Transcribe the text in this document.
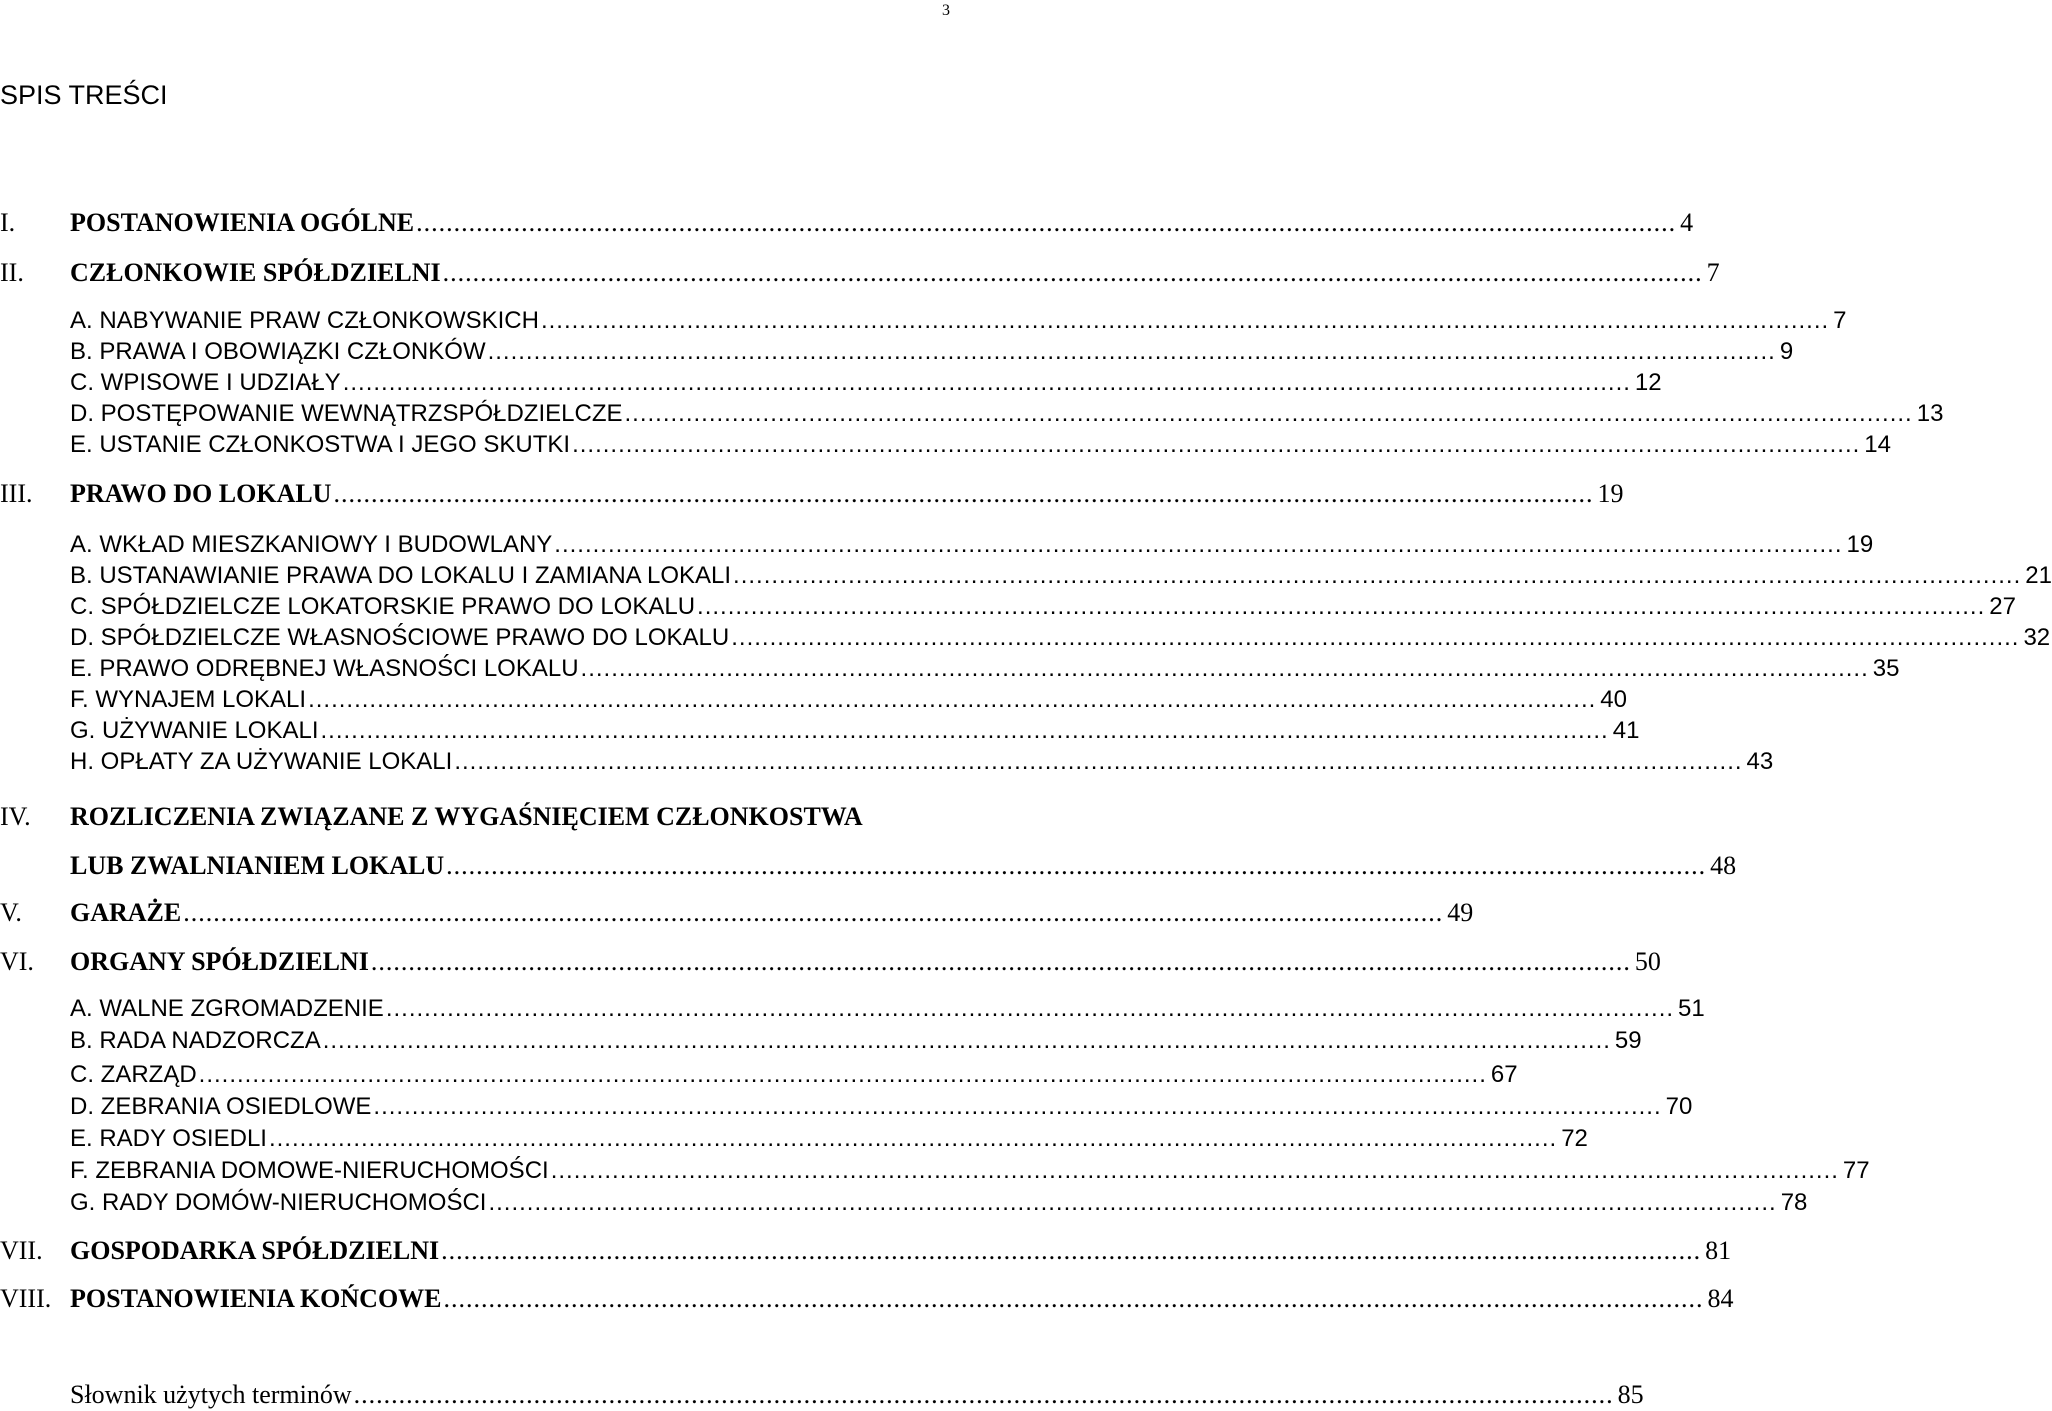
3
SPIS TREŚCI
I. POSTANOWIENIA OGÓLNE ........................................................................................................................................................................ 4
II. CZŁONKOWIE SPÓŁDZIELNI ........................................................................................................................................................................ 7
A. NABYWANIE PRAW CZŁONKOWSKICH ........................................................................................................................................................................ 7
B. PRAWA I OBOWIĄZKI CZŁONKÓW ........................................................................................................................................................................ 9
C. WPISOWE I UDZIAŁY ........................................................................................................................................................................ 12
D. POSTĘPOWANIE WEWNĄTRZSPÓŁDZIELCZE ........................................................................................................................................................................ 13
E. USTANIE CZŁONKOSTWA I JEGO SKUTKI ........................................................................................................................................................................ 14
III. PRAWO DO LOKALU ........................................................................................................................................................................ 19
A. WKŁAD MIESZKANIOWY I BUDOWLANY ........................................................................................................................................................................ 19
B. USTANAWIANIE PRAWA DO LOKALU I ZAMIANA LOKALI ........................................................................................................................................................................ 21
C. SPÓŁDZIELCZE LOKATORSKIE PRAWO DO LOKALU ........................................................................................................................................................................ 27
D. SPÓŁDZIELCZE WŁASNOŚCIOWE PRAWO DO LOKALU ........................................................................................................................................................................ 32
E. PRAWO ODRĘBNEJ WŁASNOŚCI LOKALU ........................................................................................................................................................................ 35
F. WYNAJEM LOKALI ........................................................................................................................................................................ 40
G. UŻYWANIE LOKALI ........................................................................................................................................................................ 41
H. OPŁATY ZA UŻYWANIE LOKALI ........................................................................................................................................................................ 43
IV. ROZLICZENIA ZWIĄZANE Z WYGAŚNIĘCIEM CZŁONKOSTWA
LUB ZWALNIANIEM LOKALU ........................................................................................................................................................................ 48
V. GARAŻE ........................................................................................................................................................................ 49
VI. ORGANY SPÓŁDZIELNI ........................................................................................................................................................................ 50
A. WALNE ZGROMADZENIE ........................................................................................................................................................................ 51
B. RADA NADZORCZA ........................................................................................................................................................................ 59
C. ZARZĄD ........................................................................................................................................................................ 67
D. ZEBRANIA OSIEDLOWE ........................................................................................................................................................................ 70
E. RADY OSIEDLI ........................................................................................................................................................................ 72
F. ZEBRANIA DOMOWE-NIERUCHOMOŚCI ........................................................................................................................................................................ 77
G. RADY DOMÓW-NIERUCHOMOŚCI ........................................................................................................................................................................ 78
VII. GOSPODARKA SPÓŁDZIELNI ........................................................................................................................................................................ 81
VIII. POSTANOWIENIA KOŃCOWE ........................................................................................................................................................................ 84
Słownik użytych terminów ........................................................................................................................................................................ 85
